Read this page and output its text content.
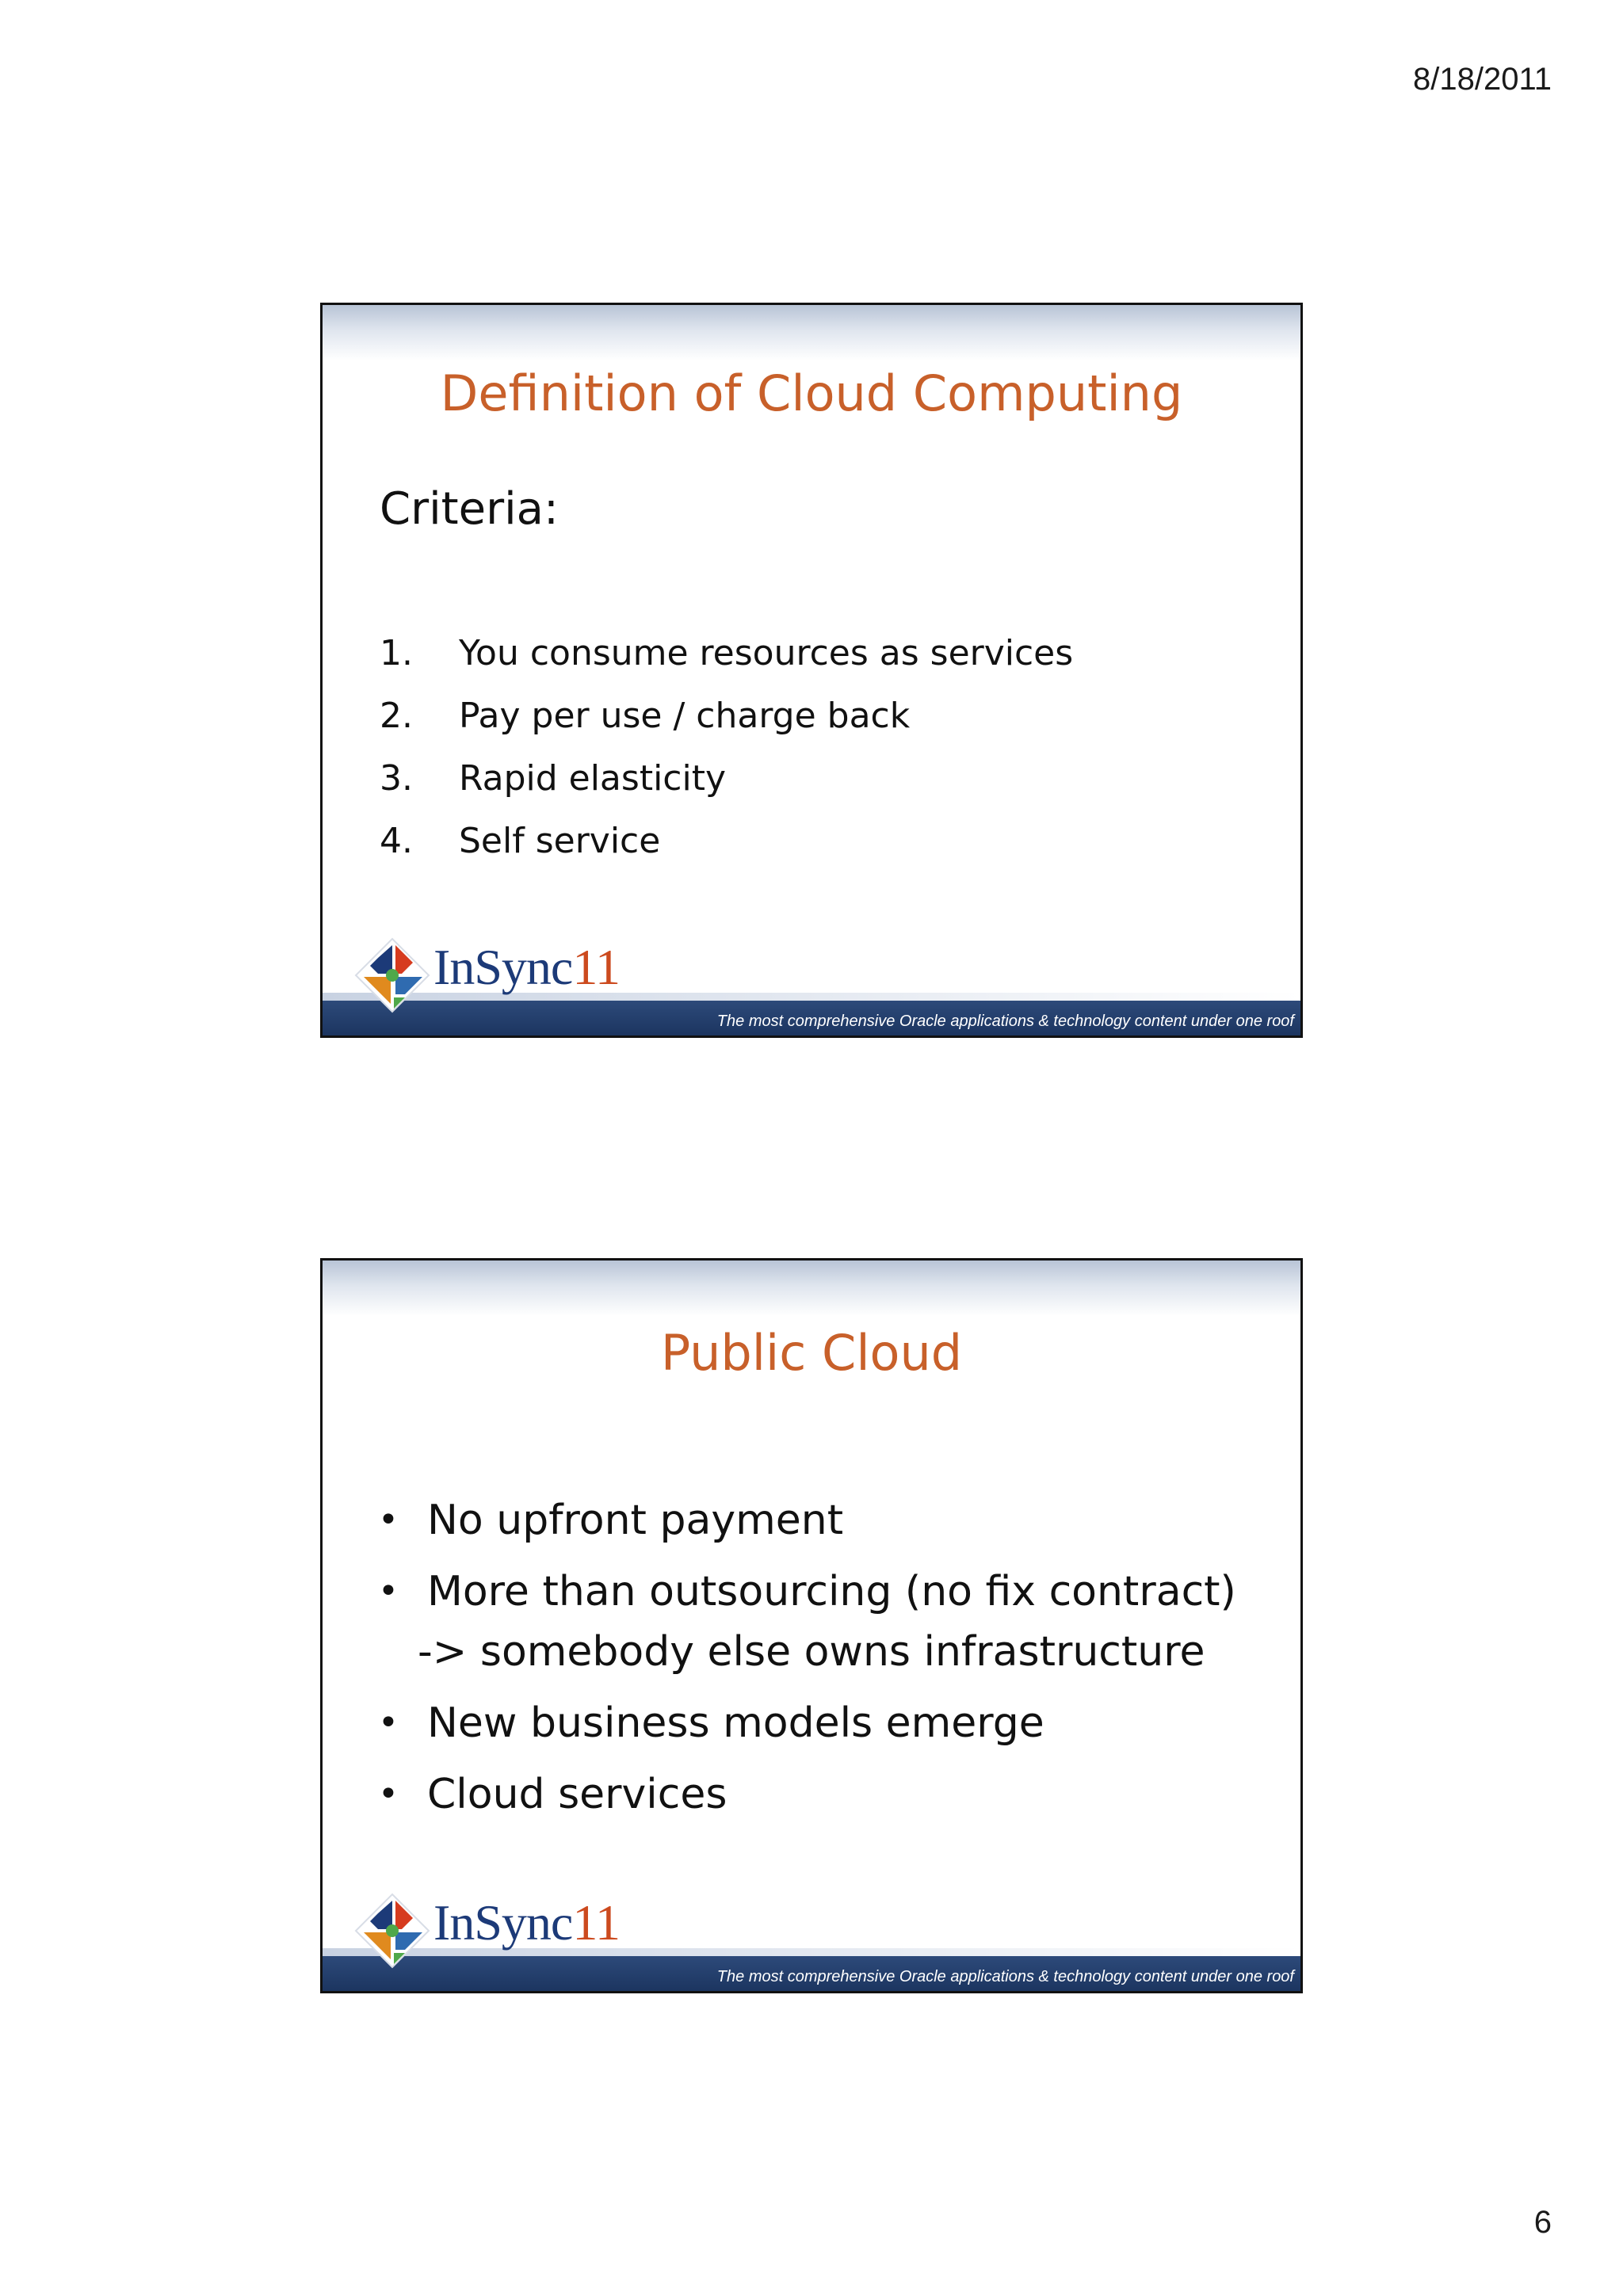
8/18/2011
Definition of Cloud Computing
Criteria:
1.	You consume resources as services
2.	Pay per use / charge back
3.	Rapid elasticity
4.	Self service
The most comprehensive Oracle applications & technology content under one roof
InSync11
Public Cloud
• No upfront payment
• More than outsourcing (no fix contract)
-> somebody else owns infrastructure
• New business models emerge
• Cloud services
The most comprehensive Oracle applications & technology content under one roof
InSync11
6
